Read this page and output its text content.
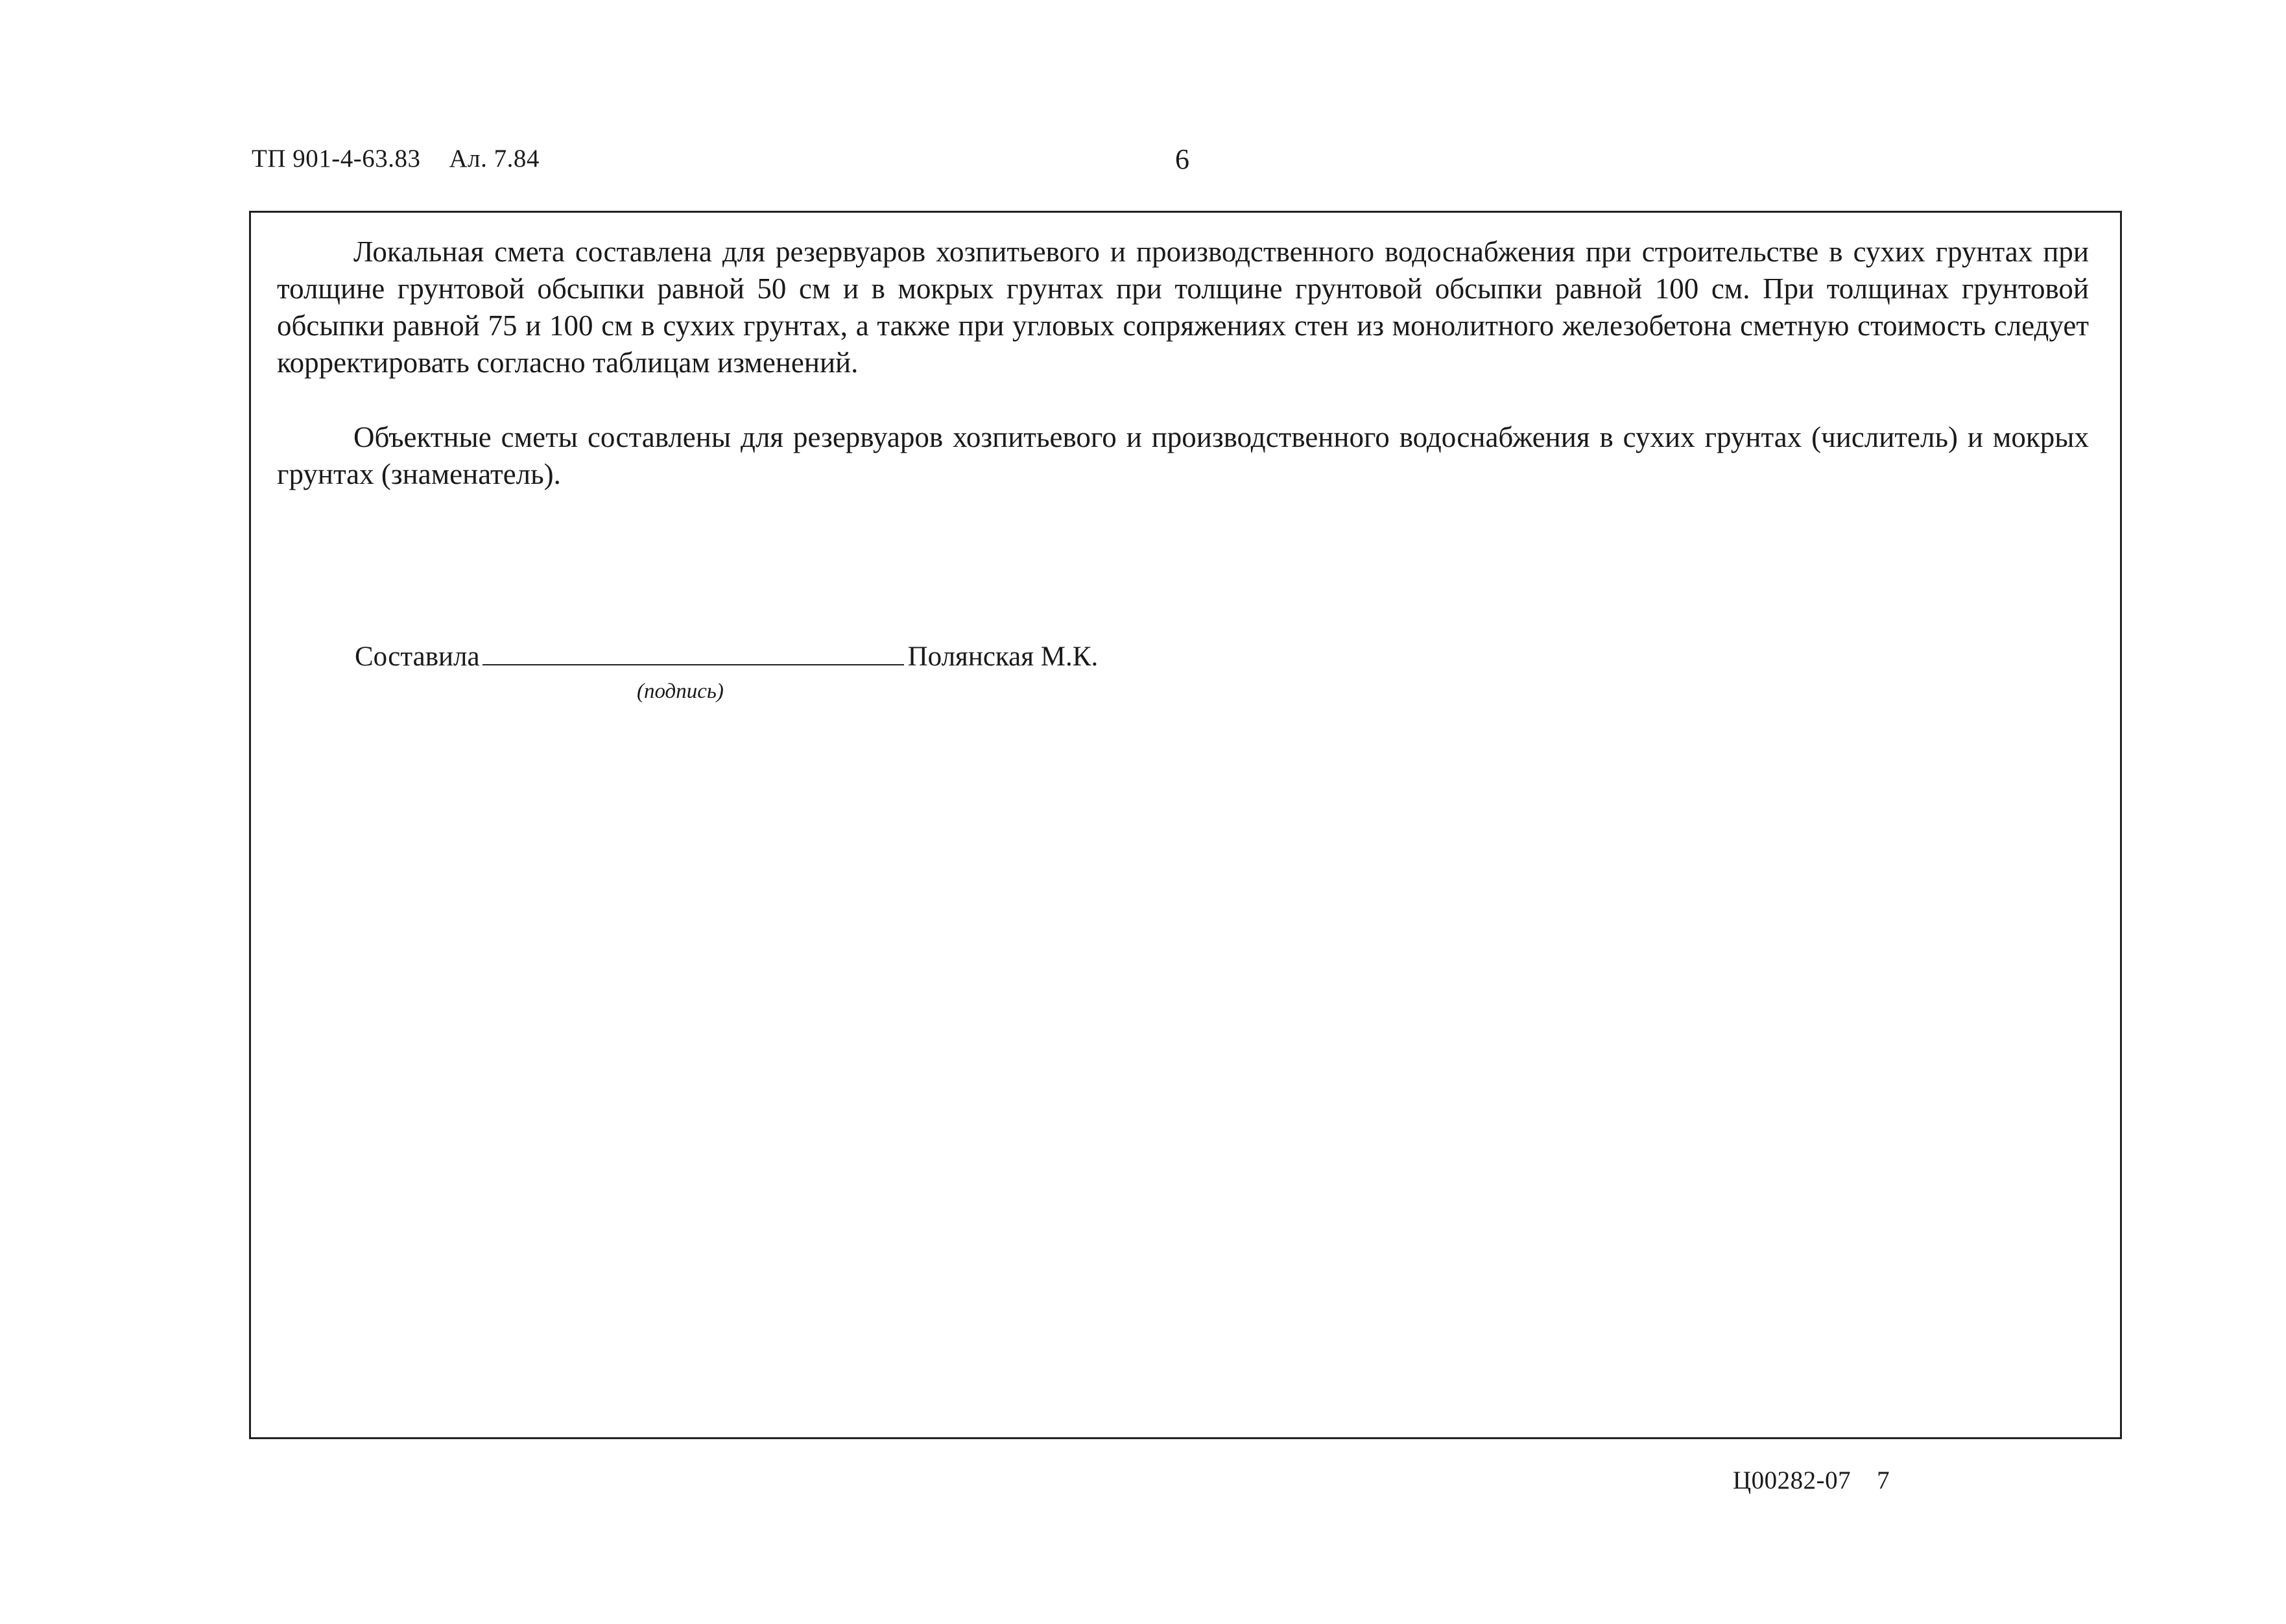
ТП 901-4-63.83 Ал. 7.84	6

Локальная смета составлена для резервуаров хозпитьевого и производственного водоснабжения при строительстве в сухих грунтах при толщине грунтовой обсыпки равной 50 см и в мокрых грунтах при толщине грунтовой обсыпки равной 100 см. При толщинах грунтовой обсыпки равной 75 и 100 см в сухих грунтах, а также при угловых сопряжениях стен из монолитного железобетона сметную стоимость следует корректировать согласно таблицам изменений.

Объектные сметы составлены для резервуаров хозпитьевого и производственного водоснабжения в сухих грунтах (числитель) и мокрых грунтах (знаменатель).

Составила	Полянская М.К.
(подпись)
Ц00282-07 7
